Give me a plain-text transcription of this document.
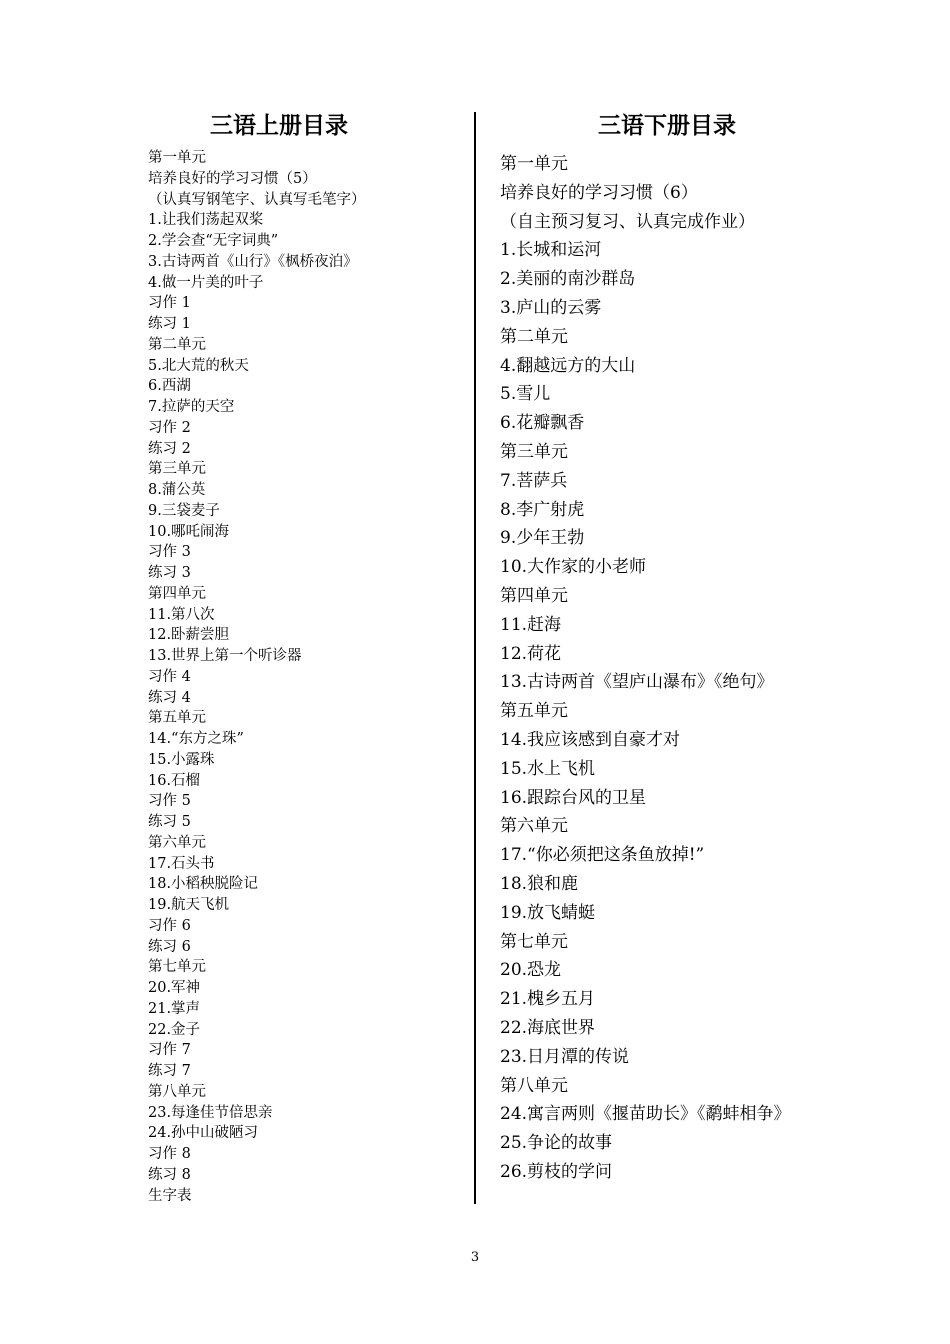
三语上册目录
第一单元
培养良好的学习习惯（5）
（认真写钢笔字、认真写毛笔字）
1.让我们荡起双桨
2.学会查“无字词典”
3.古诗两首《山行》《枫桥夜泊》
4.做一片美的叶子
习作 1
练习 1
第二单元
5.北大荒的秋天
6.西湖
7.拉萨的天空
习作 2
练习 2
第三单元
8.蒲公英
9.三袋麦子
10.哪吒闹海
习作 3
练习 3
第四单元
11.第八次
12.卧薪尝胆
13.世界上第一个听诊器
习作 4
练习 4
第五单元
14.“东方之珠”
15.小露珠
16.石榴
习作 5
练习 5
第六单元
17.石头书
18.小稻秧脱险记
19.航天飞机
习作 6
练习 6
第七单元
20.军神
21.掌声
22.金子
习作 7
练习 7
第八单元
23.每逢佳节倍思亲
24.孙中山破陋习
习作 8
练习 8
生字表
三语下册目录
第一单元
培养良好的学习习惯（6）
（自主预习复习、认真完成作业）
1.长城和运河
2.美丽的南沙群岛
3.庐山的云雾
第二单元
4.翻越远方的大山
5.雪儿
6.花瓣飘香
第三单元
7.菩萨兵
8.李广射虎
9.少年王勃
10.大作家的小老师
第四单元
11.赶海
12.荷花
13.古诗两首《望庐山瀑布》《绝句》
第五单元
14.我应该感到自豪才对
15.水上飞机
16.跟踪台风的卫星
第六单元
17.“你必须把这条鱼放掉!”
18.狼和鹿
19.放飞蜻蜓
第七单元
20.恐龙
21.槐乡五月
22.海底世界
23.日月潭的传说
第八单元
24.寓言两则《揠苗助长》《鹬蚌相争》
25.争论的故事
26.剪枝的学问
3
